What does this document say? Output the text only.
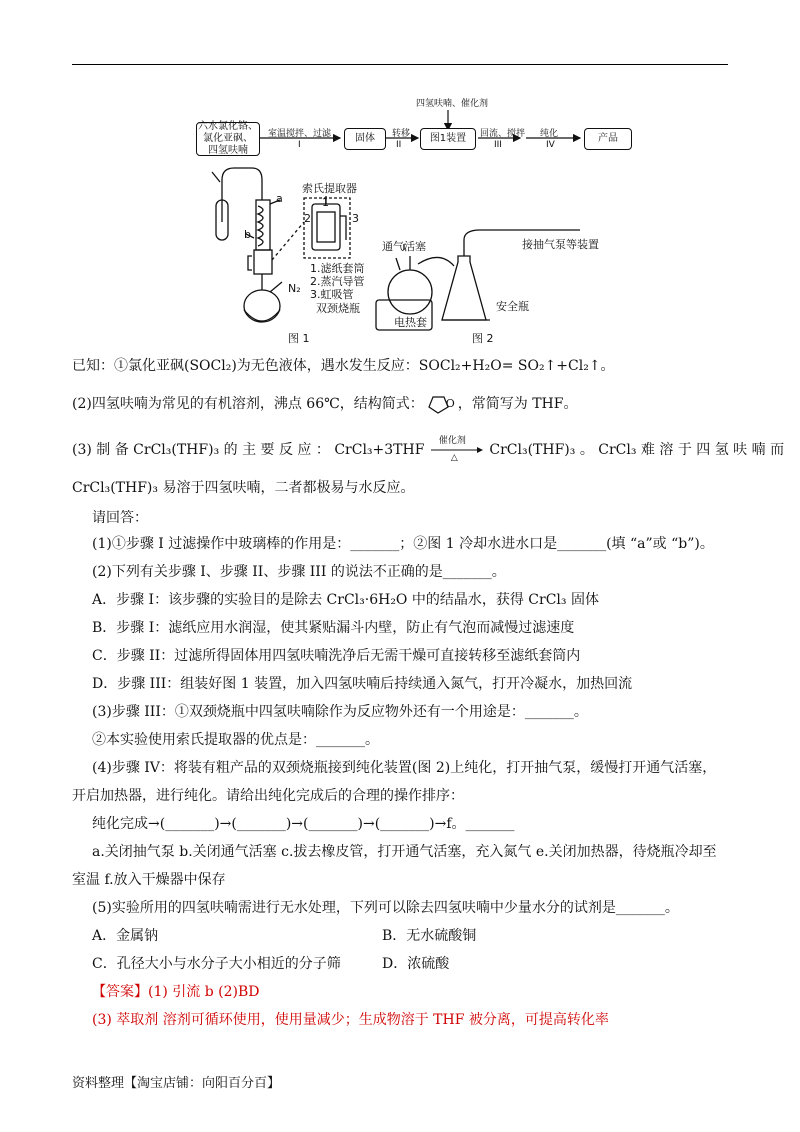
四氢呋喃、催化剂
六水氯化铬、
氯化亚砜、
四氢呋喃
室温搅拌、过滤
I
固体	转移
II
图1装置	回流、搅拌
III
纯化
IV
产品
索氏提取器
a
b
N₂
2
1
3
1.滤纸套筒
2.蒸汽导管
3.虹吸管
双颈烧瓶
通气活塞	接抽气泵等装置
电热套
安全瓶
图 1	图 2
已知：①氯化亚砜(SOCl₂)为无色液体，遇水发生反应：SOCl₂+H₂O= SO₂↑+Cl₂↑。
(2)四氢呋喃为常见的有机溶剂，沸点 66℃，结构简式： O ，常简写为 THF。
(3) 制 备 CrCl₃(THF)₃ 的 主 要 反 应 ： CrCl₃+3THF
催化剂
△ CrCl₃(THF)₃ 。 CrCl₃ 难 溶 于 四 氢 呋 喃 而
CrCl₃(THF)₃ 易溶于四氢呋喃，二者都极易与水反应。
请回答：
(1)①步骤 I 过滤操作中玻璃棒的作用是：_______；②图 1 冷却水进水口是_______(填 “a”或 “b”)。
(2)下列有关步骤 I、步骤 II、步骤 III 的说法不正确的是_______。
A．步骤 I：该步骤的实验目的是除去 CrCl₃·6H₂O 中的结晶水，获得 CrCl₃ 固体
B．步骤 I：滤纸应用水润湿，使其紧贴漏斗内壁，防止有气泡而减慢过滤速度
C．步骤 II：过滤所得固体用四氢呋喃洗净后无需干燥可直接转移至滤纸套筒内
D．步骤 III：组装好图 1 装置，加入四氢呋喃后持续通入氮气，打开冷凝水，加热回流
(3)步骤 III：①双颈烧瓶中四氢呋喃除作为反应物外还有一个用途是：_______。
②本实验使用索氏提取器的优点是：_______。
(4)步骤 IV：将装有粗产品的双颈烧瓶接到纯化装置(图 2)上纯化，打开抽气泵，缓慢打开通气活塞，
开启加热器，进行纯化。请给出纯化完成后的合理的操作排序：
纯化完成→(_______)→(_______)→(_______)→(_______)→f。_______
a.关闭抽气泵 b.关闭通气活塞 c.拔去橡皮管，打开通气活塞，充入氮气 e.关闭加热器，待烧瓶冷却至
室温 f.放入干燥器中保存
(5)实验所用的四氢呋喃需进行无水处理，下列可以除去四氢呋喃中少量水分的试剂是_______。
A．金属钠	B．无水硫酸铜
C．孔径大小与水分子大小相近的分子筛	D．浓硫酸
【答案】(1) 引流 b (2)BD
(3) 萃取剂 溶剂可循环使用，使用量减少；生成物溶于 THF 被分离，可提高转化率
资料整理【淘宝店铺：向阳百分百】
